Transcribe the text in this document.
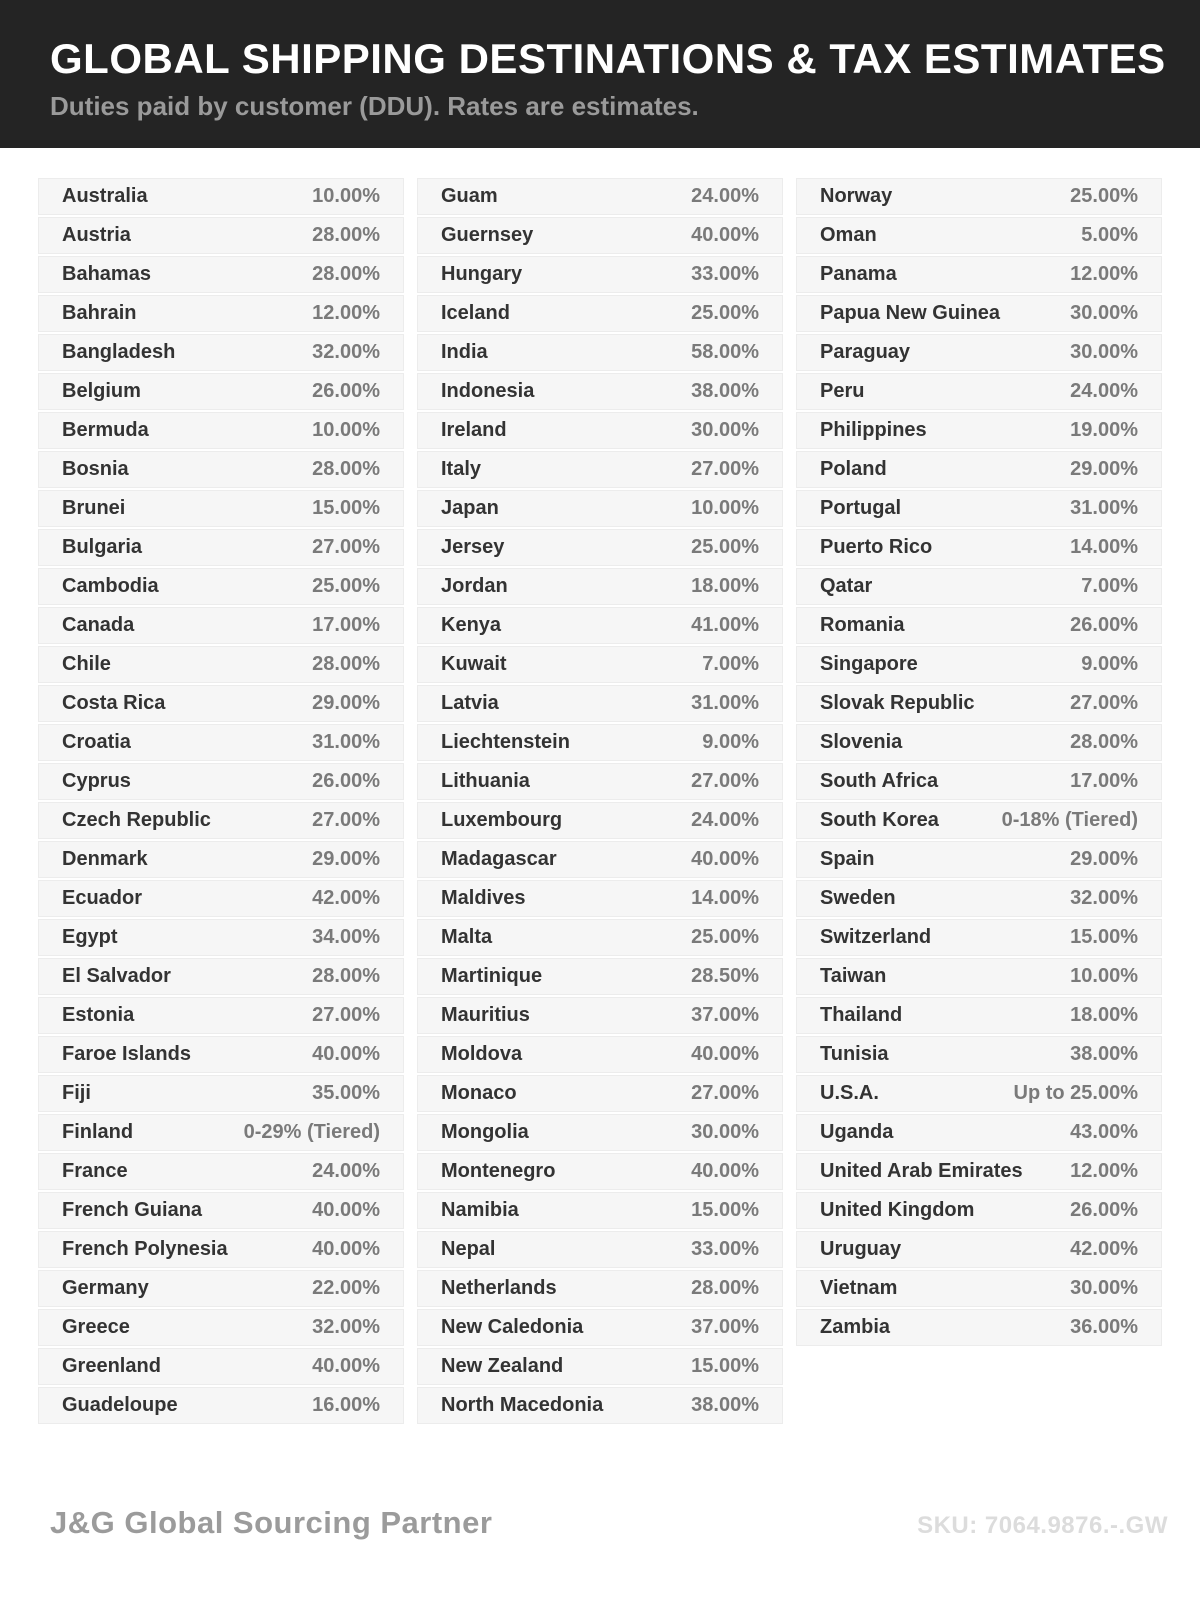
GLOBAL SHIPPING DESTINATIONS & TAX ESTIMATES
Duties paid by customer (DDU). Rates are estimates.
Australia	10.00%
Austria	28.00%
Bahamas	28.00%
Bahrain	12.00%
Bangladesh	32.00%
Belgium	26.00%
Bermuda	10.00%
Bosnia	28.00%
Brunei	15.00%
Bulgaria	27.00%
Cambodia	25.00%
Canada	17.00%
Chile	28.00%
Costa Rica	29.00%
Croatia	31.00%
Cyprus	26.00%
Czech Republic	27.00%
Denmark	29.00%
Ecuador	42.00%
Egypt	34.00%
El Salvador	28.00%
Estonia	27.00%
Faroe Islands	40.00%
Fiji	35.00%
Finland	0-29% (Tiered)
France	24.00%
French Guiana	40.00%
French Polynesia	40.00%
Germany	22.00%
Greece	32.00%
Greenland	40.00%
Guadeloupe	16.00%
Guam	24.00%
Guernsey	40.00%
Hungary	33.00%
Iceland	25.00%
India	58.00%
Indonesia	38.00%
Ireland	30.00%
Italy	27.00%
Japan	10.00%
Jersey	25.00%
Jordan	18.00%
Kenya	41.00%
Kuwait	7.00%
Latvia	31.00%
Liechtenstein	9.00%
Lithuania	27.00%
Luxembourg	24.00%
Madagascar	40.00%
Maldives	14.00%
Malta	25.00%
Martinique	28.50%
Mauritius	37.00%
Moldova	40.00%
Monaco	27.00%
Mongolia	30.00%
Montenegro	40.00%
Namibia	15.00%
Nepal	33.00%
Netherlands	28.00%
New Caledonia	37.00%
New Zealand	15.00%
North Macedonia	38.00%
Norway	25.00%
Oman	5.00%
Panama	12.00%
Papua New Guinea	30.00%
Paraguay	30.00%
Peru	24.00%
Philippines	19.00%
Poland	29.00%
Portugal	31.00%
Puerto Rico	14.00%
Qatar	7.00%
Romania	26.00%
Singapore	9.00%
Slovak Republic	27.00%
Slovenia	28.00%
South Africa	17.00%
South Korea	0-18% (Tiered)
Spain	29.00%
Sweden	32.00%
Switzerland	15.00%
Taiwan	10.00%
Thailand	18.00%
Tunisia	38.00%
U.S.A.	Up to 25.00%
Uganda	43.00%
United Arab Emirates 12.00%
United Kingdom	26.00%
Uruguay	42.00%
Vietnam	30.00%
Zambia	36.00%
J&G Global Sourcing Partner	SKU: 7064.9876.-.GW
